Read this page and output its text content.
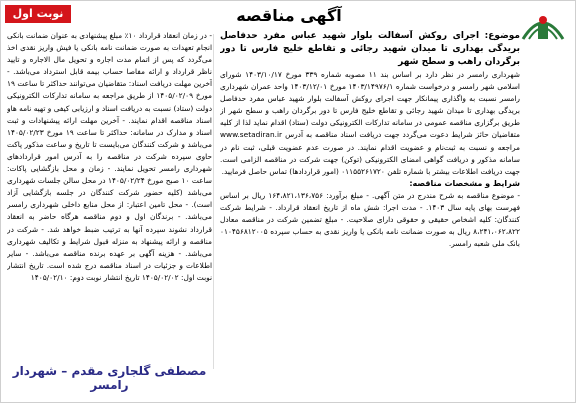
نوبت اول	آگهی مناقصه

موضوع: اجرای روکش آسفالت بلوار شهید عباس مفرد حدفاصل بریدگی بهداری تا میدان شهید رجائی و تقاطع خلیج فارس تا دور برگردان راهب و سطح شهر

شهرداری رامسر در نظر دارد بر اساس بند ۱۱ مصوبه شماره ۳۳۹ مورخ ۱۴۰۳/۱۰/۱۷ شورای اسلامی شهر رامسر و درخواست شماره ۱۴۰۳/۱۴۹۷۶/۱ مورخ ۱۴۰۳/۱۲/۰۱ واحد عمران شهرداری رامسر نسبت به واگذاری پیمانکار جهت اجرای روکش آسفالت بلوار شهید عباس مفرد حدفاصل بریدگی بهداری تا میدان شهید رجائی و تقاطع خلیج فارس تا دور برگردان راهب و سطح شهر از طریق برگزاری مناقصه عمومی در سامانه تدارکات الکترونیکی دولت (ستاد) اقدام نماید لذا از کلیه متقاضیان حائز شرایط دعوت می‌گردد جهت دریافت اسناد مناقصه به آدرس www.setadiran.ir مراجعه و نسبت به ثبت‌نام و عضویت اقدام نمایند. در صورت عدم عضویت قبلی، ثبت نام در سامانه مذکور و دریافت گواهی امضای الکترونیکی (توکن) جهت شرکت در مناقصه الزامی است. جهت دریافت اطلاعات بیشتر با شماره تلفن ۰۱۱۵۵۲۶۱۷۲۰ (امور قراردادها) تماس حاصل فرمایید.

شرایط و مشخصات مناقصه:

- موضوع مناقصه به شرح مندرج در متن آگهی. - مبلغ برآورد: ۱۶۴،۸۲۱،۱۳۶،۷۵۶ ریال بر اساس فهرست بهای پایه سال ۱۴۰۳. - مدت اجرا: شش ماه از تاریخ انعقاد قرارداد. - شرایط شرکت کنندگان: کلیه اشخاص حقیقی و حقوقی دارای صلاحیت. - مبلغ تضمین شرکت در مناقصه معادل ۸،۲۴۱،۰۶۲،۸۲۲ ریال به صورت ضمانت نامه بانکی یا واریز نقدی به حساب سپرده ۰۱۰۴۵۶۸۱۲۰۰۵ بانک ملی شعبه رامسر.

- در زمان انعقاد قرارداد ۱۰٪ مبلغ پیشنهادی به عنوان ضمانت بانکی انجام تعهدات به صورت ضمانت نامه بانکی یا فیش واریز نقدی اخذ می‌گردد که پس از اتمام مدت اجاره و تحویل مال الاجاره و تایید ناظر قرارداد و ارائه مفاصا حساب بیمه قابل استرداد می‌باشد. - آخرین مهلت دریافت اسناد: متقاضیان می‌توانند حداکثر تا ساعت ۱۹ مورخ ۱۴۰۵/۰۲/۰۹ از طریق مراجعه به سامانه تدارکات الکترونیکی دولت (ستاد) نسبت به دریافت اسناد و ارزیابی کیفی و تهیه نامه هاو اسناد مناقصه اقدام نمایند. - آخرین مهلت ارائه پیشنهادات و ثبت اسناد و مدارک در سامانه: حداکثر تا ساعت ۱۹ مورخ ۱۴۰۵/۰۲/۲۳ می‌باشد و شرکت کنندگان می‌بایست تا تاریخ و ساعت مذکور پاکت حاوی سپرده شرکت در مناقصه را به آدرس امور قراردادهای شهرداری رامسر تحویل نمایند. - زمان و محل بازگشایی پاکات: ساعت ۱۰ صبح مورخ ۱۴۰۵/۰۲/۲۴ در محل سالن جلسات شهرداری می‌باشد (کلیه حضور شرکت کنندگان در جلسه بازگشایی آزاد است). - محل تامین اعتبار: از محل منابع داخلی شهرداری رامسر می‌باشد. - برندگان اول و دوم مناقصه هرگاه حاضر به انعقاد قرارداد نشوند سپرده آنها به ترتیب ضبط خواهد شد. - شرکت در مناقصه و ارائه پیشنهاد به منزله قبول شرایط و تکالیف شهرداری می‌باشد. - هزینه آگهی بر عهده برنده مناقصه می‌باشد. - سایر اطلاعات و جزئیات در اسناد مناقصه درج شده است. تاریخ انتشار نوبت اول: ۱۴۰۵/۰۲/۰۲ تاریخ انتشار نوبت دوم: ۱۴۰۵/۰۲/۱۰

مصطفی گلجاری مقدم – شهردار رامسر
